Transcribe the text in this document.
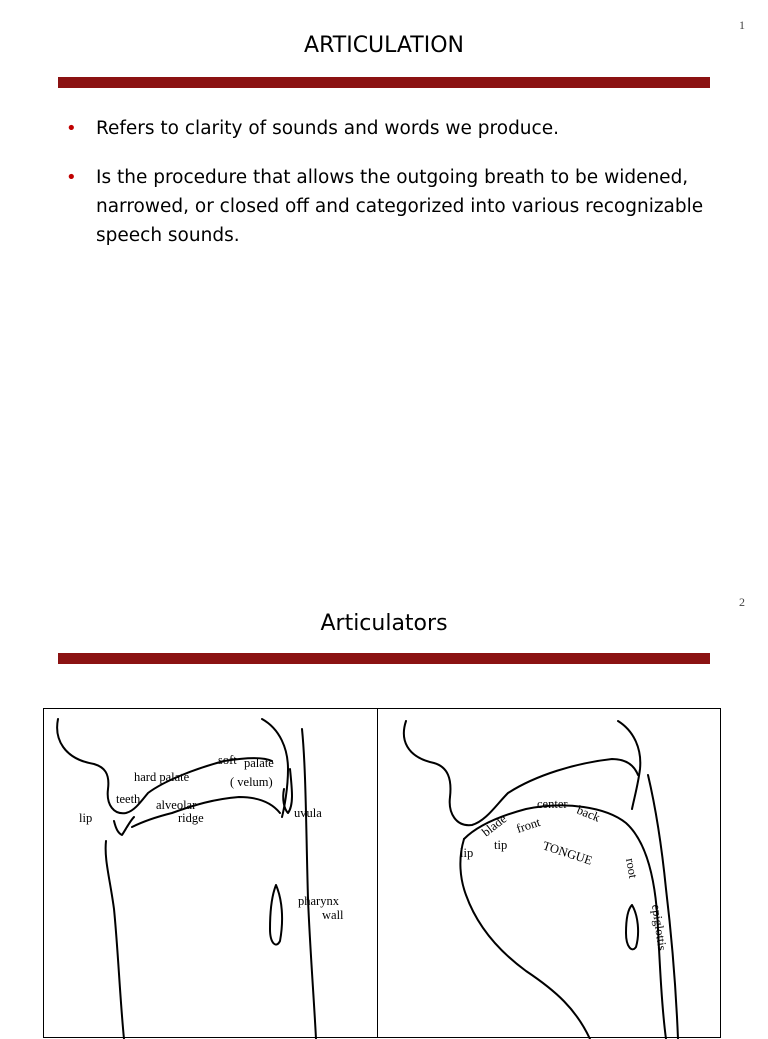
1
ARTICULATION
• Refers to clarity of sounds and words we produce.
• Is the procedure that allows the outgoing breath to be widened, narrowed, or closed off and categorized into various recognizable speech sounds.
2
Articulators
soft palate
( velum)
hard palate
teeth alveolar
ridge
lip	uvula
pharynx
wall
center
blade front
back
lip
tip	TONGUE
root
epiglottis
